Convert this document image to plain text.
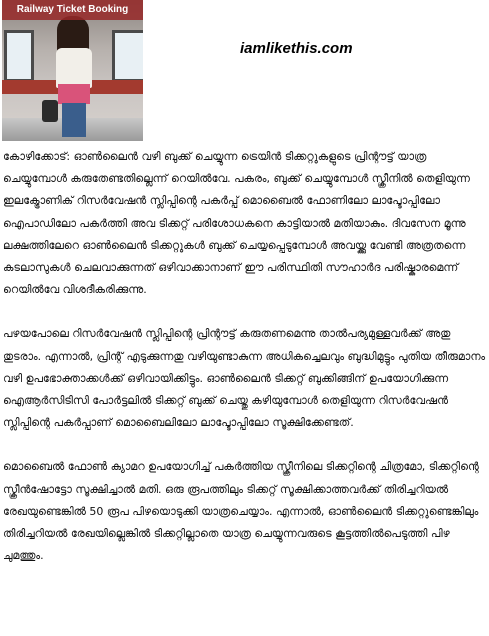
Railway Ticket Booking
iamlikethis.com

കോഴിക്കോട്: ഓൺലൈൻ വഴി ബുക്ക് ചെയ്യുന്ന ട്രെയിൻ ടിക്കറ്റുകളുടെ പ്രിന്റൗട്ട് യാത്ര ചെയ്യുമ്പോൾ കരുതേണ്ടതില്ലെന്ന് റെയിൽവേ. പകരം, ബുക്ക് ചെയ്യുമ്പോൾ സ്ക്രീനിൽ തെളിയുന്ന ഇലക്ട്രോണിക് റിസർവേഷൻ സ്ലിപ്പിന്റെ പകർപ്പ് മൊബൈൽ ഫോണിലോ ലാപ്ടോപ്പിലോ ഐപാഡിലോ പകർത്തി അവ ടിക്കറ്റ് പരിശോധകനെ കാട്ടിയാൽ മതിയാകും. ദിവസേന മൂന്നു ലക്ഷത്തിലേറെ ഓൺലൈൻ ടിക്കറ്റുകൾ ബുക്ക് ചെയ്യപ്പെടുമ്പോൾ അവയ്ക്കു വേണ്ടി അത്രതന്നെ കടലാസുകൾ ചെലവാക്കുന്നത് ഒഴിവാക്കാനാണ് ഈ പരിസ്ഥിതി സൗഹാർദ പരിഷ്കാരമെന്ന് റെയിൽവേ വിശദീകരിക്കുന്നു.

പഴയപോലെ റിസർവേഷൻ സ്ലിപ്പിന്റെ പ്രിന്റൗട്ട് കരുതണമെന്നു താൽപര്യമുള്ളവർക്ക് അതു തുടരാം. എന്നാൽ, പ്രിന്റ് എടുക്കുന്നതു വഴിയുണ്ടാകുന്ന അധികച്ചെലവും ബുദ്ധിമുട്ടും പുതിയ തീരുമാനം വഴി ഉപഭോക്താക്കൾക്ക് ഒഴിവായിക്കിട്ടും. ഓൺലൈൻ ടിക്കറ്റ് ബുക്കിങ്ങിന് ഉപയോഗിക്കുന്ന ഐആർസിടിസി പോർട്ടലിൽ ടിക്കറ്റ് ബുക്ക് ചെയ്തു കഴിയുമ്പോൾ തെളിയുന്ന റിസർവേഷൻ സ്ലിപ്പിന്റെ പകർപ്പാണ് മൊബൈലിലോ ലാപ്ടോപ്പിലോ സൂക്ഷിക്കേണ്ടത്.

മൊബൈൽ ഫോൺ ക്യാമറ ഉപയോഗിച്ച് പകർത്തിയ സ്ക്രീനിലെ ടിക്കറ്റിന്റെ ചിത്രമോ, ടിക്കറ്റിന്റെ സ്ക്രീൻഷോട്ടോ സൂക്ഷിച്ചാൽ മതി. ഒരു രൂപത്തിലും ടിക്കറ്റ് സൂക്ഷിക്കാത്തവർക്ക് തിരിച്ചറിയൽ രേഖയുണ്ടെങ്കിൽ 50 രൂപ പിഴയൊടുക്കി യാത്രചെയ്യാം. എന്നാൽ, ഓൺലൈൻ ടിക്കറ്റുണ്ടെങ്കിലും തിരിച്ചറിയൽ രേഖയില്ലെങ്കിൽ ടിക്കറ്റില്ലാതെ യാത്ര ചെയ്യുന്നവരുടെ കൂട്ടത്തിൽപെടുത്തി പിഴ ചുമത്തും.
